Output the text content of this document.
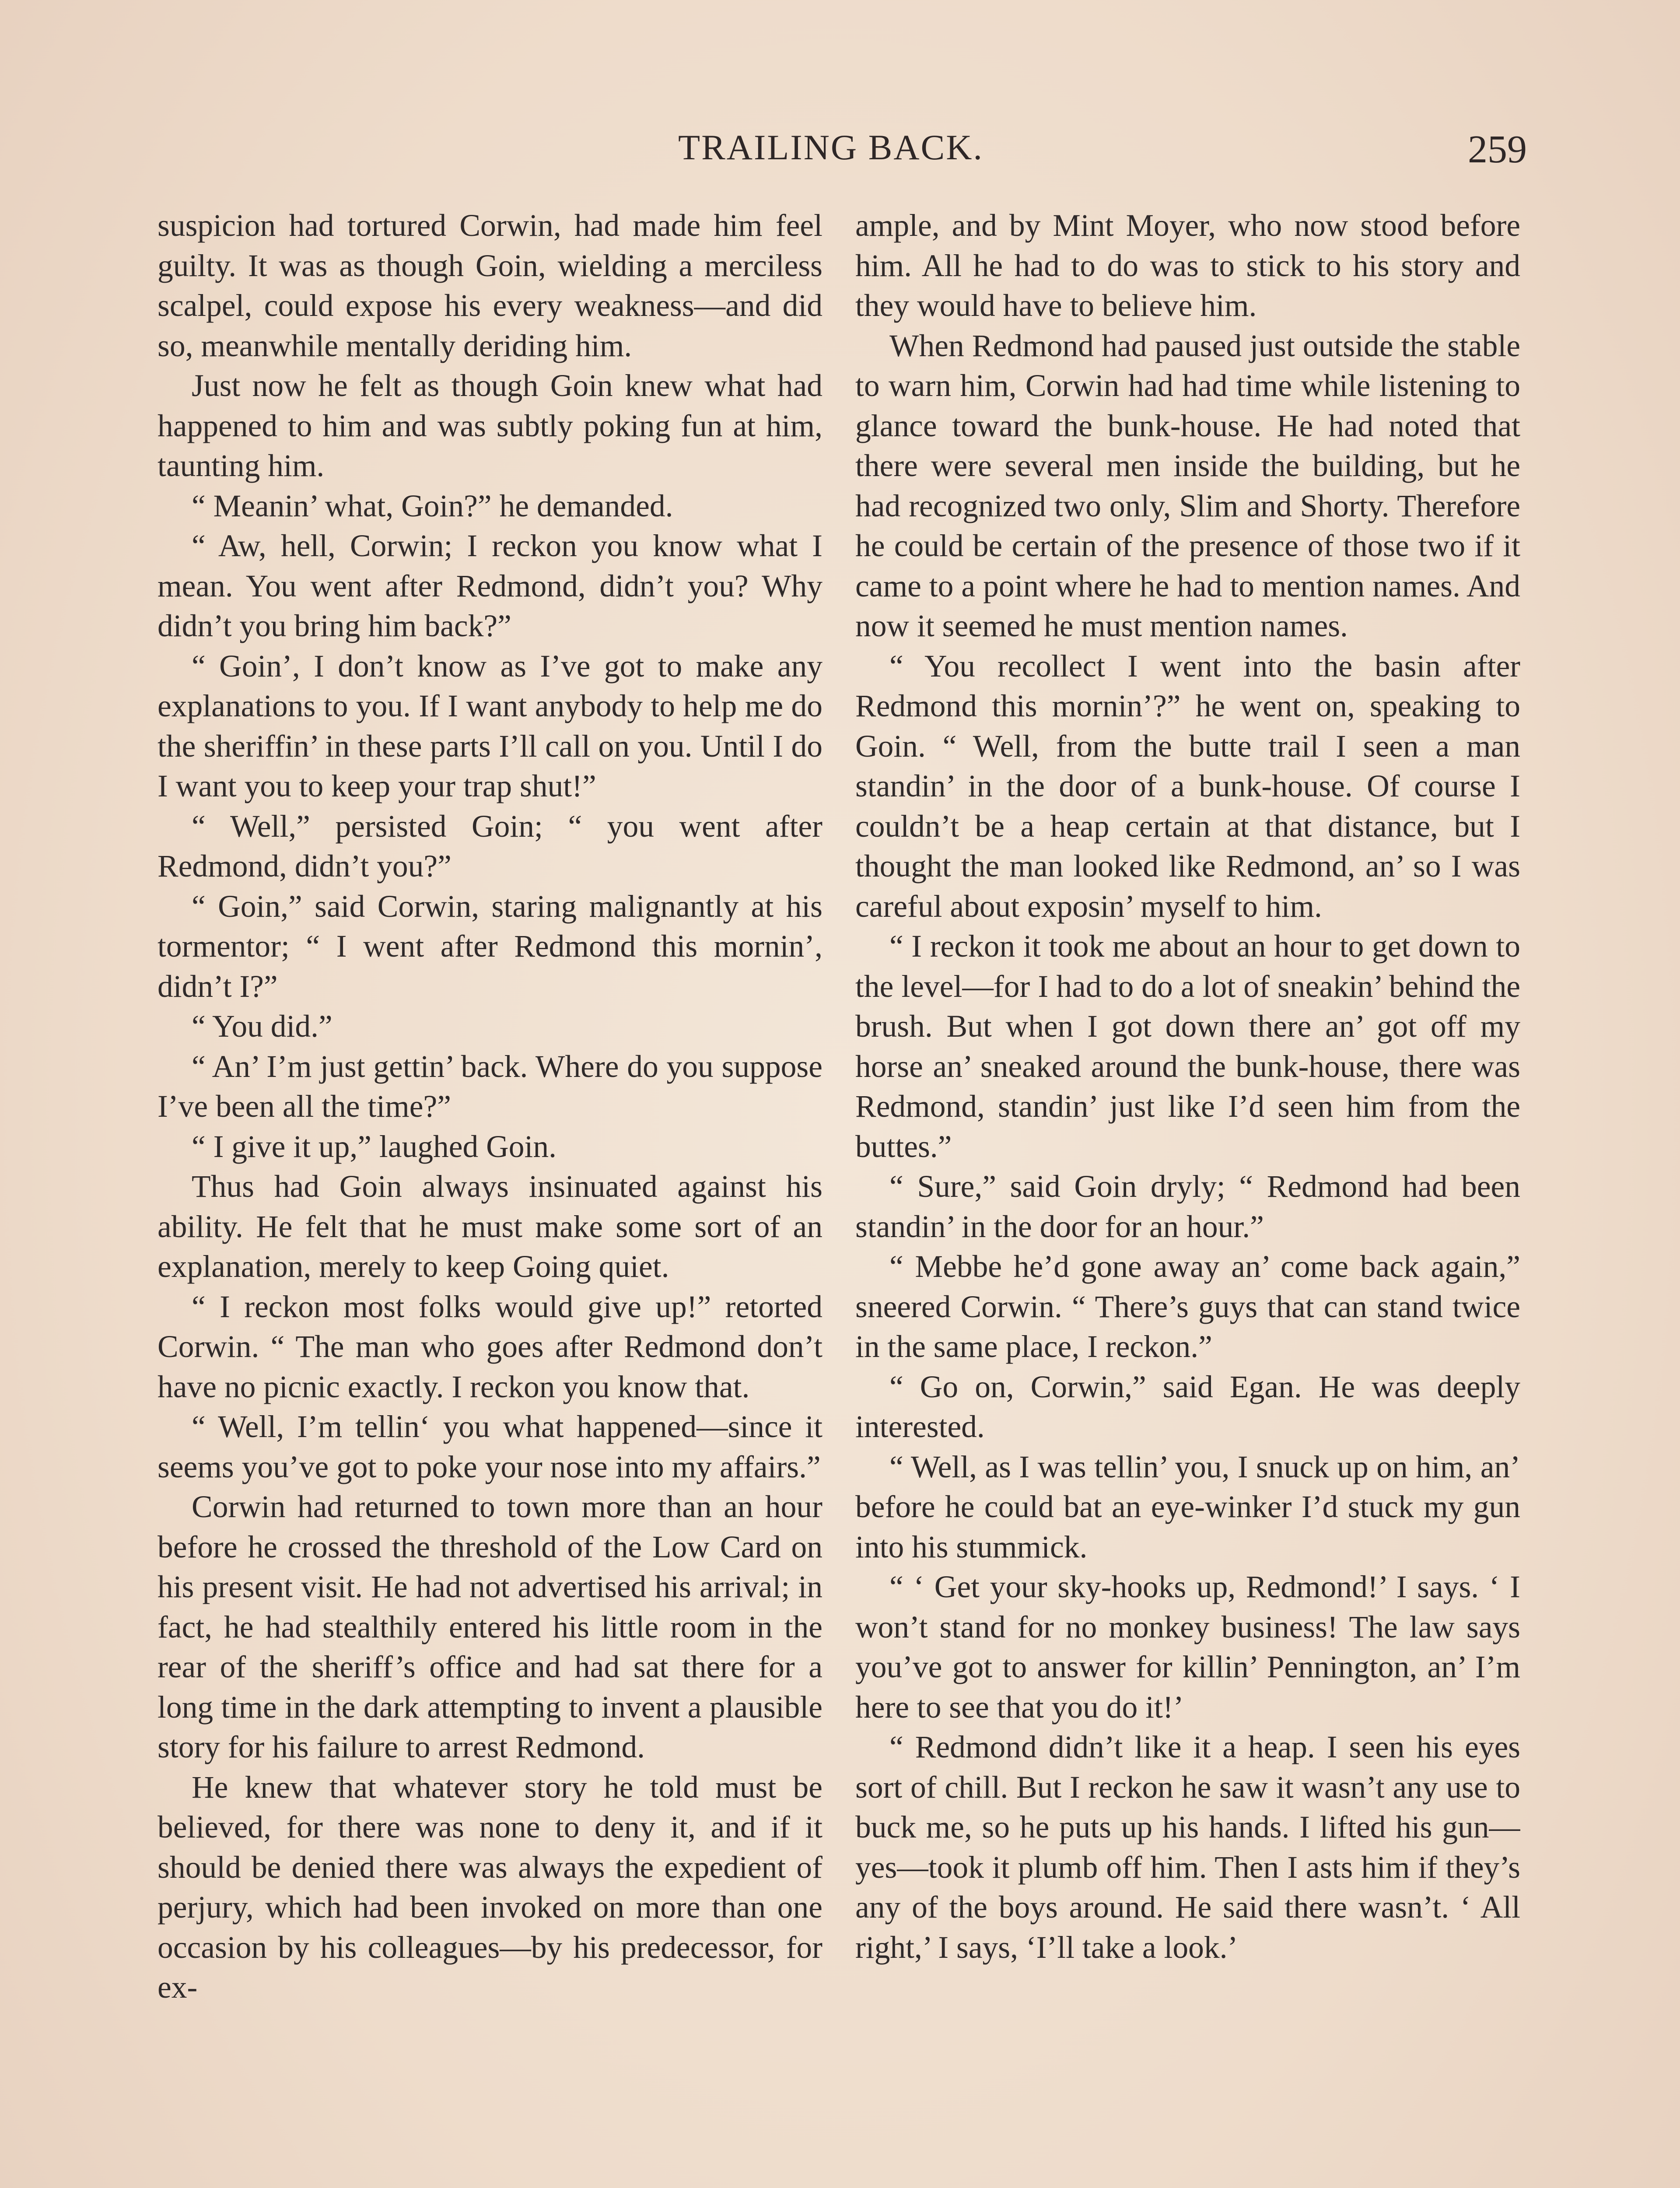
TRAILING BACK.	259

suspicion had tortured Corwin, had made him feel guilty. It was as though Goin, wielding a merciless scalpel, could expose his every weakness—and did so, meanwhile mentally deriding him.

Just now he felt as though Goin knew what had happened to him and was subtly poking fun at him, taunting him.

“ Meanin’ what, Goin?” he demanded.

“ Aw, hell, Corwin; I reckon you know what I mean. You went after Redmond, didn’t you? Why didn’t you bring him back?”

“ Goin’, I don’t know as I’ve got to make any explanations to you. If I want anybody to help me do the sheriffin’ in these parts I’ll call on you. Until I do I want you to keep your trap shut!”

“ Well,” persisted Goin; “ you went after Redmond, didn’t you?”

“ Goin,” said Corwin, staring malignantly at his tormentor; “ I went after Redmond this mornin’, didn’t I?”

“ You did.”

“ An’ I’m just gettin’ back. Where do you suppose I’ve been all the time?”

“ I give it up,” laughed Goin.

Thus had Goin always insinuated against his ability. He felt that he must make some sort of an explanation, merely to keep Going quiet.

“ I reckon most folks would give up!” retorted Corwin. “ The man who goes after Redmond don’t have no picnic exactly. I reckon you know that.

“ Well, I’m tellin‘ you what happened—since it seems you’ve got to poke your nose into my affairs.”

Corwin had returned to town more than an hour before he crossed the threshold of the Low Card on his present visit. He had not advertised his arrival; in fact, he had stealthily entered his little room in the rear of the sheriff’s office and had sat there for a long time in the dark attempting to invent a plausible story for his failure to arrest Redmond.

He knew that whatever story he told must be believed, for there was none to deny it, and if it should be denied there was always the expedient of perjury, which had been invoked on more than one occasion by his colleagues—by his predecessor, for ex-

ample, and by Mint Moyer, who now stood before him. All he had to do was to stick to his story and they would have to believe him.

When Redmond had paused just outside the stable to warn him, Corwin had had time while listening to glance toward the bunk-house. He had noted that there were several men inside the building, but he had recognized two only, Slim and Shorty. Therefore he could be certain of the presence of those two if it came to a point where he had to mention names. And now it seemed he must mention names.

“ You recollect I went into the basin after Redmond this mornin’?” he went on, speaking to Goin. “ Well, from the butte trail I seen a man standin’ in the door of a bunk-house. Of course I couldn’t be a heap certain at that distance, but I thought the man looked like Redmond, an’ so I was careful about exposin’ myself to him.

“ I reckon it took me about an hour to get down to the level—for I had to do a lot of sneakin’ behind the brush. But when I got down there an’ got off my horse an’ sneaked around the bunk-house, there was Redmond, standin’ just like I’d seen him from the buttes.”

“ Sure,” said Goin dryly; “ Redmond had been standin’ in the door for an hour.”

“ Mebbe he’d gone away an’ come back again,” sneered Corwin. “ There’s guys that can stand twice in the same place, I reckon.”

“ Go on, Corwin,” said Egan. He was deeply interested.

“ Well, as I was tellin’ you, I snuck up on him, an’ before he could bat an eye-winker I’d stuck my gun into his stummick.

“ ‘ Get your sky-hooks up, Redmond!’ I says. ‘ I won’t stand for no monkey business! The law says you’ve got to answer for killin’ Pennington, an’ I’m here to see that you do it!’

“ Redmond didn’t like it a heap. I seen his eyes sort of chill. But I reckon he saw it wasn’t any use to buck me, so he puts up his hands. I lifted his gun—yes—took it plumb off him. Then I asts him if they’s any of the boys around. He said there wasn’t. ‘ All right,’ I says, ‘I’ll take a look.’
